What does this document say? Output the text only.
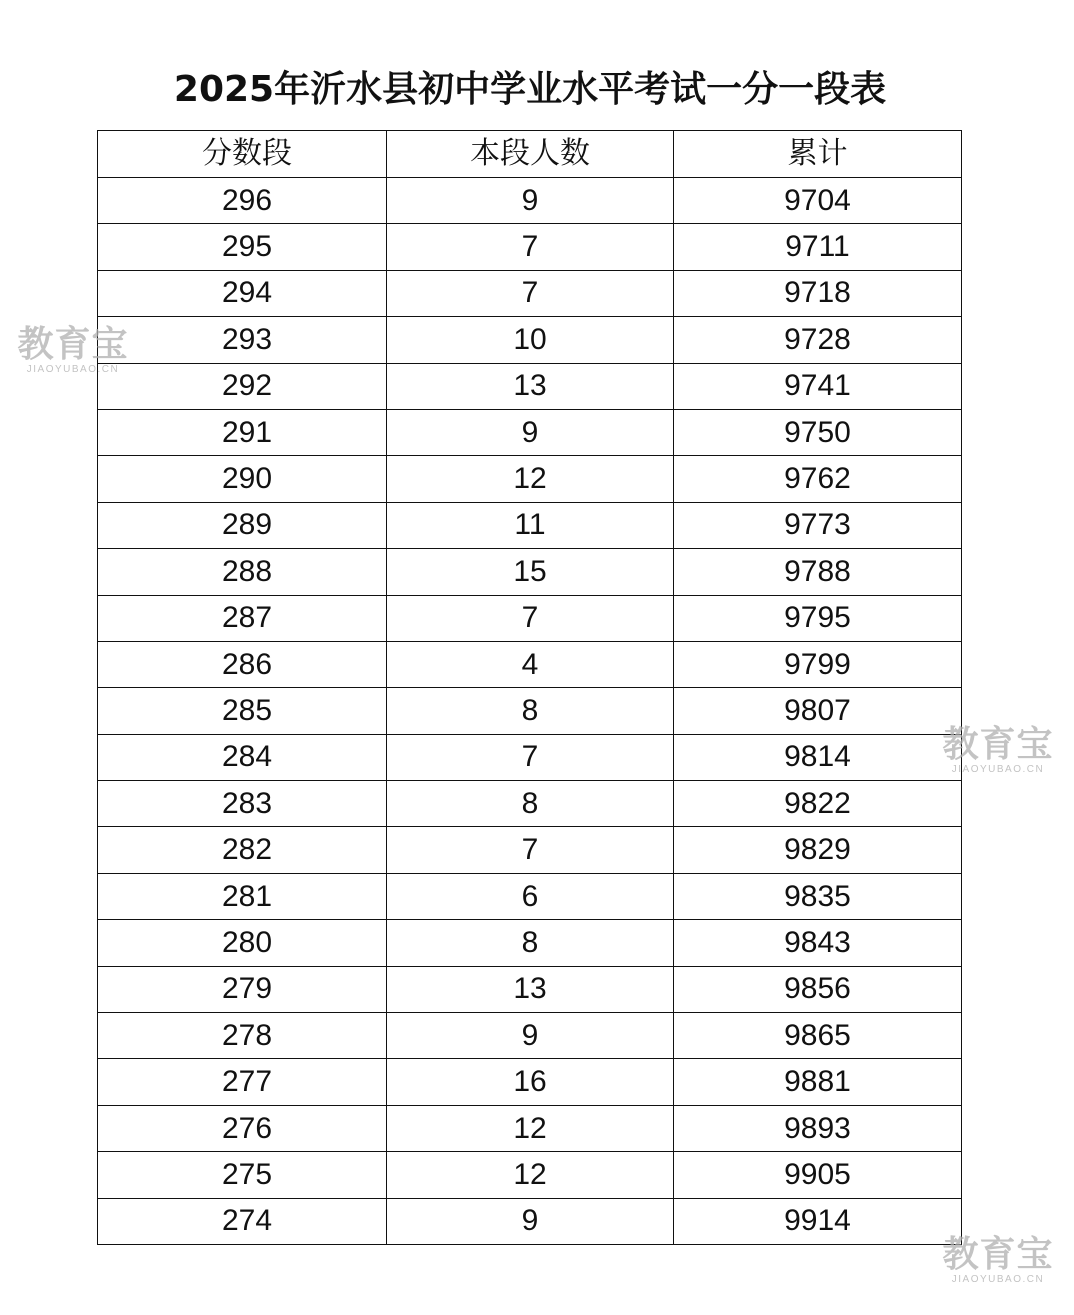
2025年沂水县初中学业水平考试一分一段表
分数段	本段人数	累计
296	9	9704
295	7	9711
294	7	9718
293	10	9728
292	13	9741
291	9	9750
290	12	9762
289	11	9773
288	15	9788
287	7	9795
286	4	9799
285	8	9807
284	7	9814
283	8	9822
282	7	9829
281	6	9835
280	8	9843
279	13	9856
278	9	9865
277	16	9881
276	12	9893
275	12	9905
274	9	9914
教育宝
JIAOYUBAO.CN
教育宝
JIAOYUBAO.CN
教育宝
JIAOYUBAO.CN
